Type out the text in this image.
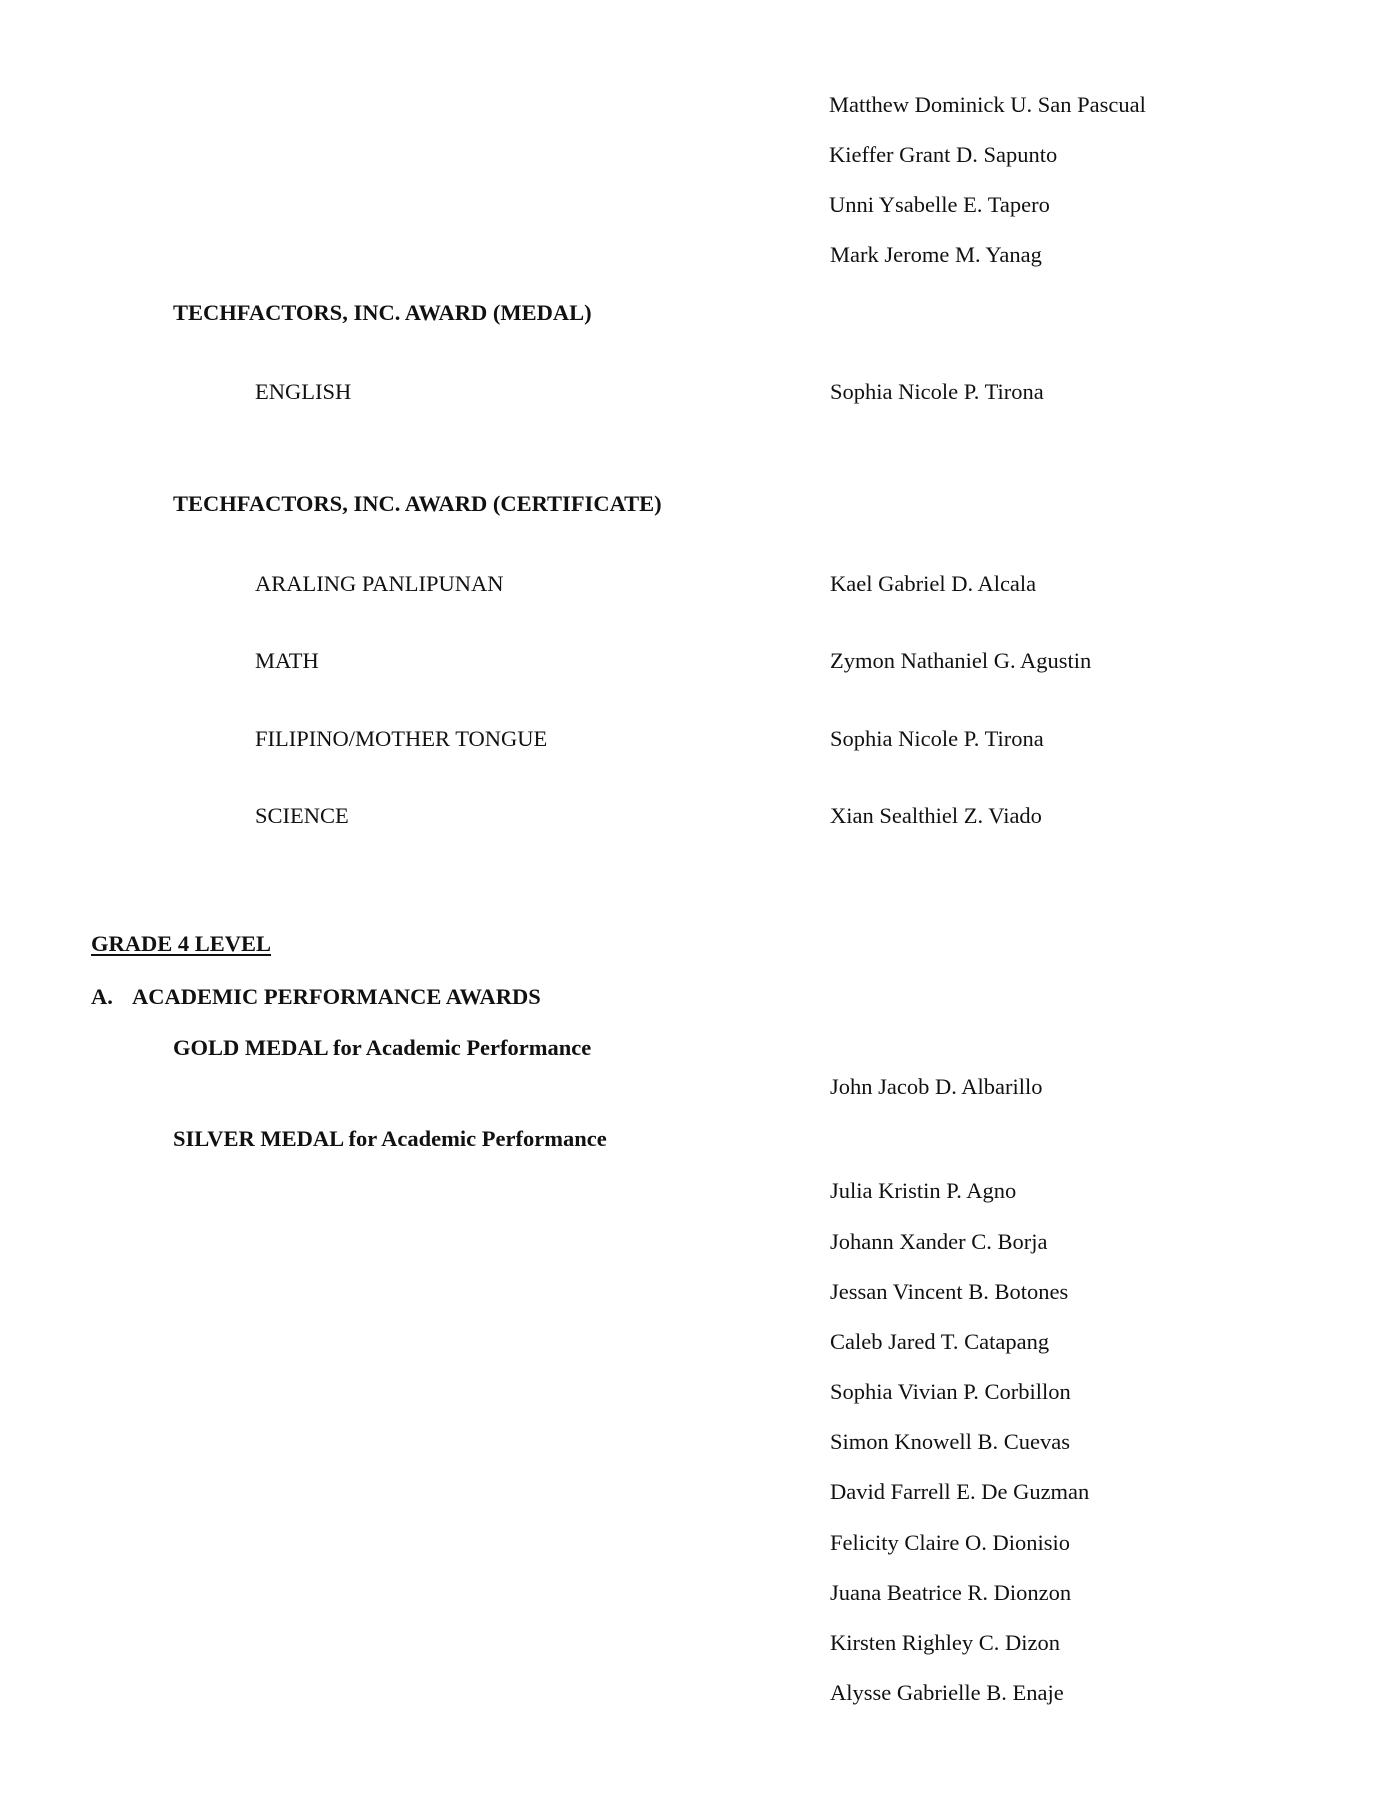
Matthew Dominick U. San Pascual
Kieffer Grant D. Sapunto
Unni Ysabelle E. Tapero
Mark Jerome M. Yanag
TECHFACTORS, INC. AWARD (MEDAL)
ENGLISH	Sophia Nicole P. Tirona
TECHFACTORS, INC. AWARD (CERTIFICATE)
ARALING PANLIPUNAN	Kael Gabriel D. Alcala
MATH	Zymon Nathaniel G. Agustin
FILIPINO/MOTHER TONGUE	Sophia Nicole P. Tirona
SCIENCE	Xian Sealthiel Z. Viado
GRADE 4 LEVEL
A. ACADEMIC PERFORMANCE AWARDS
GOLD MEDAL for Academic Performance
John Jacob D. Albarillo
SILVER MEDAL for Academic Performance
Julia Kristin P. Agno
Johann Xander C. Borja
Jessan Vincent B. Botones
Caleb Jared T. Catapang
Sophia Vivian P. Corbillon
Simon Knowell B. Cuevas
David Farrell E. De Guzman
Felicity Claire O. Dionisio
Juana Beatrice R. Dionzon
Kirsten Righley C. Dizon
Alysse Gabrielle B. Enaje
